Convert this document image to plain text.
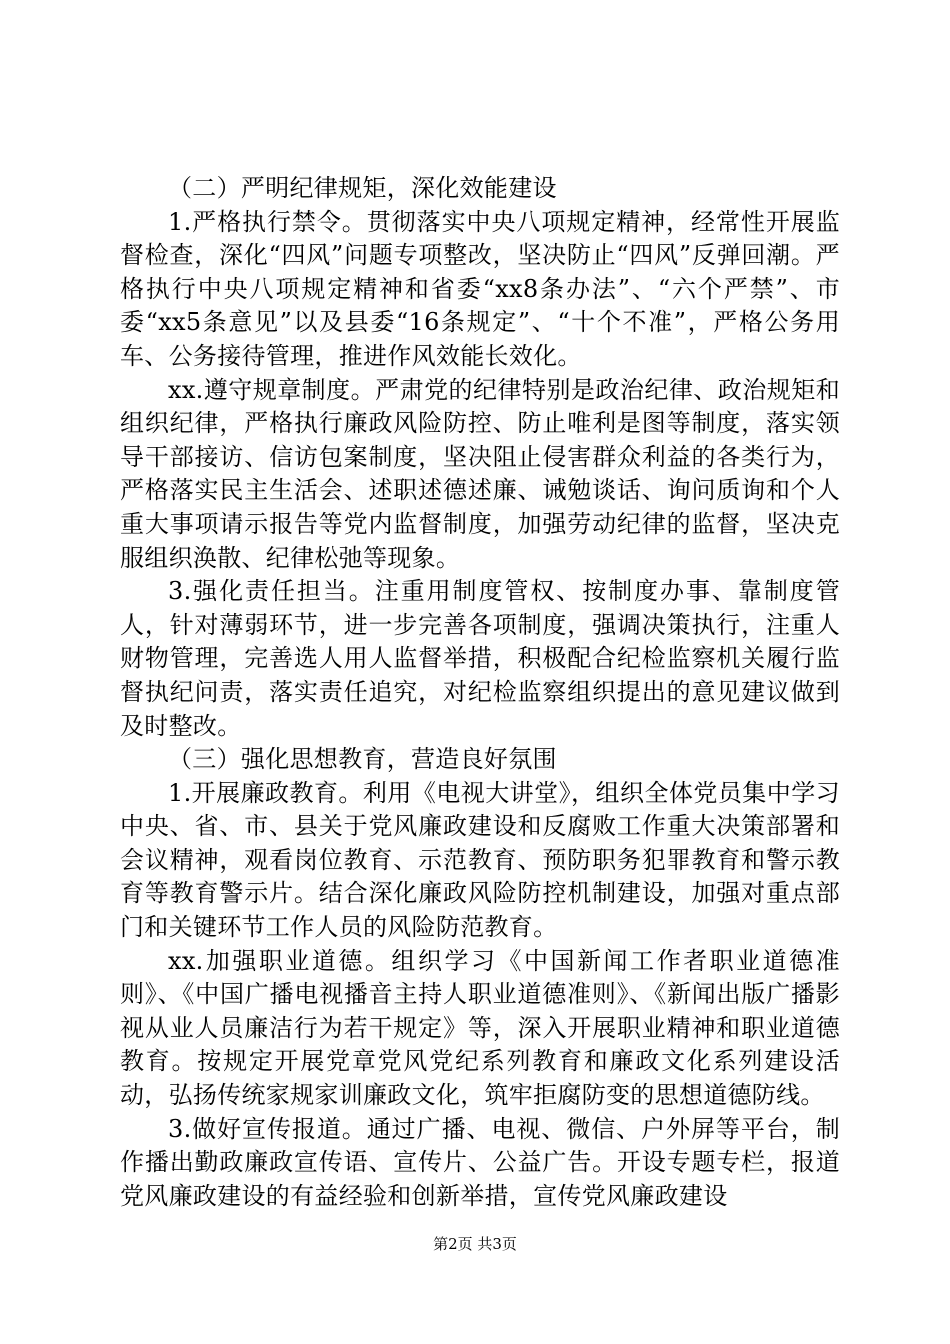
（二）严明纪律规矩，深化效能建设

1.严格执行禁令。贯彻落实中央八项规定精神，经常性开展监督检查，深化“四风”问题专项整改，坚决防止“四风”反弹回潮。严格执行中央八项规定精神和省委“xx8条办法”、“六个严禁”、市委“xx5条意见”以及县委“16条规定”、“十个不准”，严格公务用车、公务接待管理，推进作风效能长效化。

xx.遵守规章制度。严肃党的纪律特别是政治纪律、政治规矩和组织纪律，严格执行廉政风险防控、防止唯利是图等制度，落实领导干部接访、信访包案制度，坚决阻止侵害群众利益的各类行为，严格落实民主生活会、述职述德述廉、诫勉谈话、询问质询和个人重大事项请示报告等党内监督制度，加强劳动纪律的监督，坚决克服组织涣散、纪律松弛等现象。

3.强化责任担当。注重用制度管权、按制度办事、靠制度管人，针对薄弱环节，进一步完善各项制度，强调决策执行，注重人财物管理，完善选人用人监督举措，积极配合纪检监察机关履行监督执纪问责，落实责任追究，对纪检监察组织提出的意见建议做到及时整改。

（三）强化思想教育，营造良好氛围

1.开展廉政教育。利用《电视大讲堂》，组织全体党员集中学习中央、省、市、县关于党风廉政建设和反腐败工作重大决策部署和会议精神，观看岗位教育、示范教育、预防职务犯罪教育和警示教育等教育警示片。结合深化廉政风险防控机制建设，加强对重点部门和关键环节工作人员的风险防范教育。

xx.加强职业道德。组织学习《中国新闻工作者职业道德准则》、《中国广播电视播音主持人职业道德准则》、《新闻出版广播影视从业人员廉洁行为若干规定》等，深入开展职业精神和职业道德教育。按规定开展党章党风党纪系列教育和廉政文化系列建设活动，弘扬传统家规家训廉政文化，筑牢拒腐防变的思想道德防线。

3.做好宣传报道。通过广播、电视、微信、户外屏等平台，制作播出勤政廉政宣传语、宣传片、公益广告。开设专题专栏，报道党风廉政建设的有益经验和创新举措，宣传党风廉政建设

第2页 共3页
